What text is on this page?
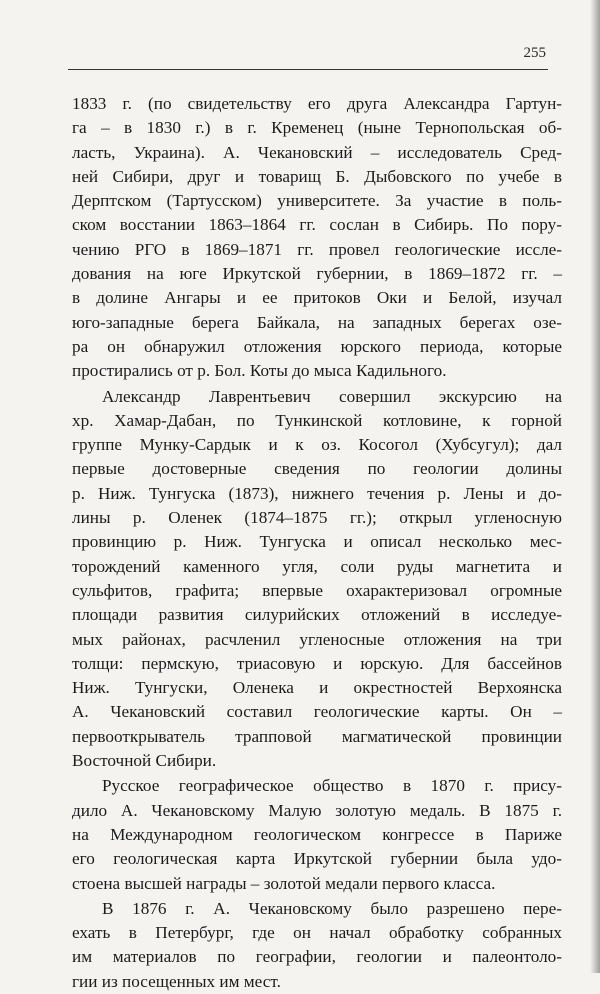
255
1833 г. (по свидетельству его друга Александра Гартун-
га – в 1830 г.) в г. Кременец (ныне Тернопольская об-
ласть, Украина). А. Чекановский – исследователь Сред-
ней Сибири, друг и товарищ Б. Дыбовского по учебе в
Дерптском (Тартусском) университете. За участие в поль-
ском восстании 1863–1864 гг. сослан в Сибирь. По пору-
чению РГО в 1869–1871 гг. провел геологические иссле-
дования на юге Иркутской губернии, в 1869–1872 гг. –
в долине Ангары и ее притоков Оки и Белой, изучал
юго-западные берега Байкала, на западных берегах озе-
ра он обнаружил отложения юрского периода, которые
простирались от р. Бол. Коты до мыса Кадильного.
Александр Лаврентьевич совершил экскурсию на
хр. Хамар-Дабан, по Тункинской котловине, к горной
группе Мунку-Сардык и к оз. Косогол (Хубсугул); дал
первые достоверные сведения по геологии долины
р. Ниж. Тунгуска (1873), нижнего течения р. Лены и до-
лины р. Оленек (1874–1875 гг.); открыл угленосную
провинцию р. Ниж. Тунгуска и описал несколько мес-
торождений каменного угля, соли руды магнетита и
сульфитов, графита; впервые охарактеризовал огромные
площади развития силурийских отложений в исследуе-
мых районах, расчленил угленосные отложения на три
толщи: пермскую, триасовую и юрскую. Для бассейнов
Ниж. Тунгуски, Оленека и окрестностей Верхоянска
А. Чекановский составил геологические карты. Он –
первооткрыватель трапповой магматической провинции
Восточной Сибири.
Русское географическое общество в 1870 г. прису-
дило А. Чекановскому Малую золотую медаль. В 1875 г.
на Международном геологическом конгрессе в Париже
его геологическая карта Иркутской губернии была удо-
стоена высшей награды – золотой медали первого класса.
В 1876 г. А. Чекановскому было разрешено пере-
ехать в Петербург, где он начал обработку собранных
им материалов по географии, геологии и палеонтоло-
гии из посещенных им мест.
